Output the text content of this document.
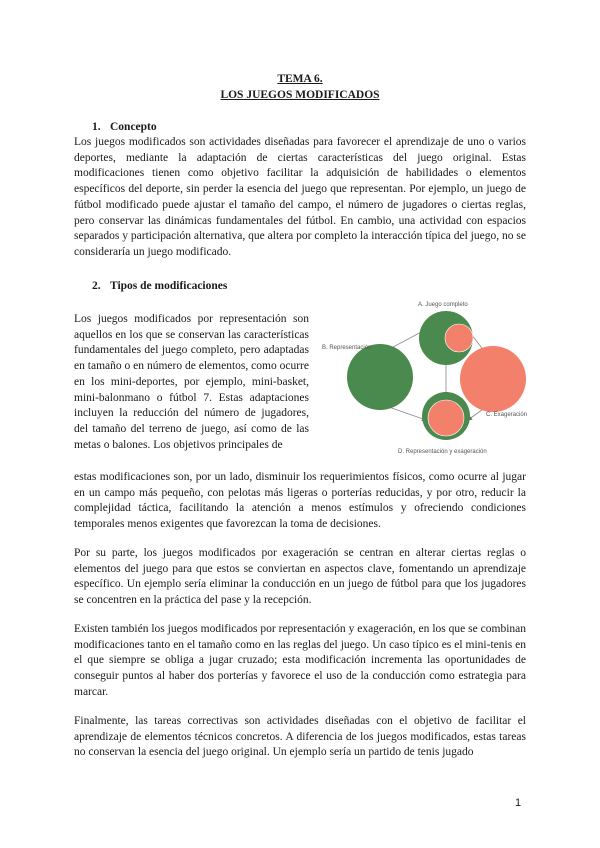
TEMA 6.
LOS JUEGOS MODIFICADOS
1. Concepto

Los juegos modificados son actividades diseñadas para favorecer el aprendizaje de uno o varios deportes, mediante la adaptación de ciertas características del juego original. Estas modificaciones tienen como objetivo facilitar la adquisición de habilidades o elementos específicos del deporte, sin perder la esencia del juego que representan. Por ejemplo, un juego de fútbol modificado puede ajustar el tamaño del campo, el número de jugadores o ciertas reglas, pero conservar las dinámicas fundamentales del fútbol. En cambio, una actividad con espacios separados y participación alternativa, que altera por completo la interacción típica del juego, no se consideraría un juego modificado.

2. Tipos de modificaciones

Los juegos modificados por representación son aquellos en los que se conservan las características fundamentales del juego completo, pero adaptadas en tamaño o en número de elementos, como ocurre en los mini-deportes, por ejemplo, mini-basket, mini-balonmano o fútbol 7. Estas adaptaciones incluyen la reducción del número de jugadores, del tamaño del terreno de juego, así como de las metas o balones. Los objetivos principales de

A. Juego completo
B. Representación
C. Exageración
D. Representación y exageración

estas modificaciones son, por un lado, disminuir los requerimientos físicos, como ocurre al jugar en un campo más pequeño, con pelotas más ligeras o porterías reducidas, y por otro, reducir la complejidad táctica, facilitando la atención a menos estímulos y ofreciendo condiciones temporales menos exigentes que favorezcan la toma de decisiones.

Por su parte, los juegos modificados por exageración se centran en alterar ciertas reglas o elementos del juego para que estos se conviertan en aspectos clave, fomentando un aprendizaje específico. Un ejemplo sería eliminar la conducción en un juego de fútbol para que los jugadores se concentren en la práctica del pase y la recepción.

Existen también los juegos modificados por representación y exageración, en los que se combinan modificaciones tanto en el tamaño como en las reglas del juego. Un caso típico es el mini-tenis en el que siempre se obliga a jugar cruzado; esta modificación incrementa las oportunidades de conseguir puntos al haber dos porterías y favorece el uso de la conducción como estrategia para marcar.

Finalmente, las tareas correctivas son actividades diseñadas con el objetivo de facilitar el aprendizaje de elementos técnicos concretos. A diferencia de los juegos modificados, estas tareas no conservan la esencia del juego original. Un ejemplo sería un partido de tenis jugado

1
